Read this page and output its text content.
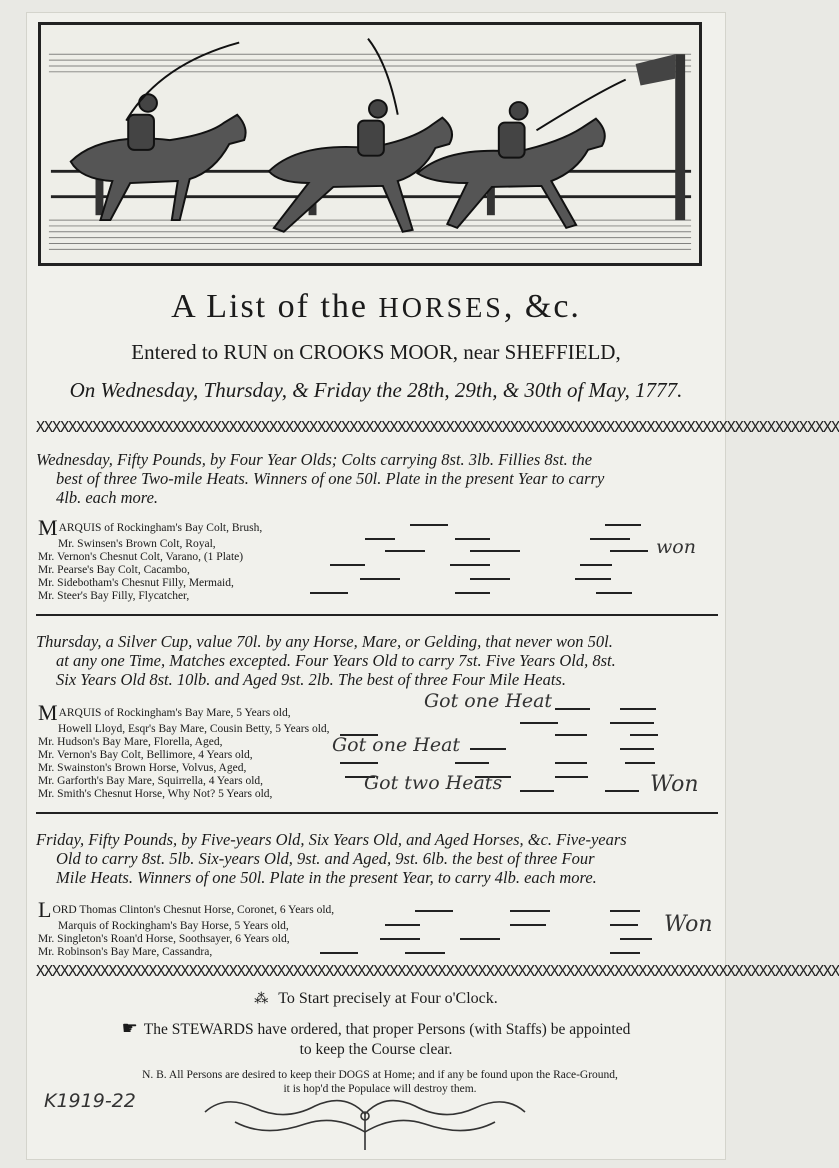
A List of the HORSES, &c.
Entered to RUN on CROOKS MOOR, near SHEFFIELD,
On Wednesday, Thursday, & Friday the 28th, 29th, & 30th of May, 1777.
XXXXXXXXXXXXXXXXXXXXXXXXXXXXXXXXXXXXXXXXXXXXXXXXXXXXXXXXXXXXXXXXXXXXXXXXXXXXXXXXXXXXXXXXXXXXXXXXXXXX
Wednesday, Fifty Pounds, by Four Year Olds; Colts carrying 8st. 3lb. Fillies 8st. the
best of three Two-mile Heats. Winners of one 50l. Plate in the present Year to carry
4lb. each more.
MARQUIS of Rockingham's Bay Colt, Brush,
Mr. Swinsen's Brown Colt, Royal,
Mr. Vernon's Chesnut Colt, Varano, (1 Plate)
Mr. Pearse's Bay Colt, Cacambo,
Mr. Sidebotham's Chesnut Filly, Mermaid,
Mr. Steer's Bay Filly, Flycatcher,
won
Thursday, a Silver Cup, value 70l. by any Horse, Mare, or Gelding, that never won 50l.
at any one Time, Matches excepted. Four Years Old to carry 7st. Five Years Old, 8st.
Six Years Old 8st. 10lb. and Aged 9st. 2lb. The best of three Four Mile Heats.
MARQUIS of Rockingham's Bay Mare, 5 Years old,
Howell Lloyd, Esqr's Bay Mare, Cousin Betty, 5 Years old,
Mr. Hudson's Bay Mare, Florella, Aged,
Mr. Vernon's Bay Colt, Bellimore, 4 Years old,
Mr. Swainston's Brown Horse, Volvus, Aged,
Mr. Garforth's Bay Mare, Squirrella, 4 Years old,
Mr. Smith's Chesnut Horse, Why Not? 5 Years old,
Got one Heat
Got one Heat
Got two Heats	Won
Friday, Fifty Pounds, by Five-years Old, Six Years Old, and Aged Horses, &c. Five-years
Old to carry 8st. 5lb. Six-years Old, 9st. and Aged, 9st. 6lb. the best of three Four
Mile Heats. Winners of one 50l. Plate in the present Year, to carry 4lb. each more.
LORD Thomas Clinton's Chesnut Horse, Coronet, 6 Years old,
Marquis of Rockingham's Bay Horse, 5 Years old,
Mr. Singleton's Roan'd Horse, Soothsayer, 6 Years old,
Mr. Robinson's Bay Mare, Cassandra,
Won
XXXXXXXXXXXXXXXXXXXXXXXXXXXXXXXXXXXXXXXXXXXXXXXXXXXXXXXXXXXXXXXXXXXXXXXXXXXXXXXXXXXXXXXXXXXXXXXXXXXX
⁂ To Start precisely at Four o'Clock.
☛ The STEWARDS have ordered, that proper Persons (with Staffs) be appointed
to keep the Course clear.
N. B. All Persons are desired to keep their DOGS at Home; and if any be found upon the Race-Ground,
it is hop'd the Populace will destroy them.
K1919-22
